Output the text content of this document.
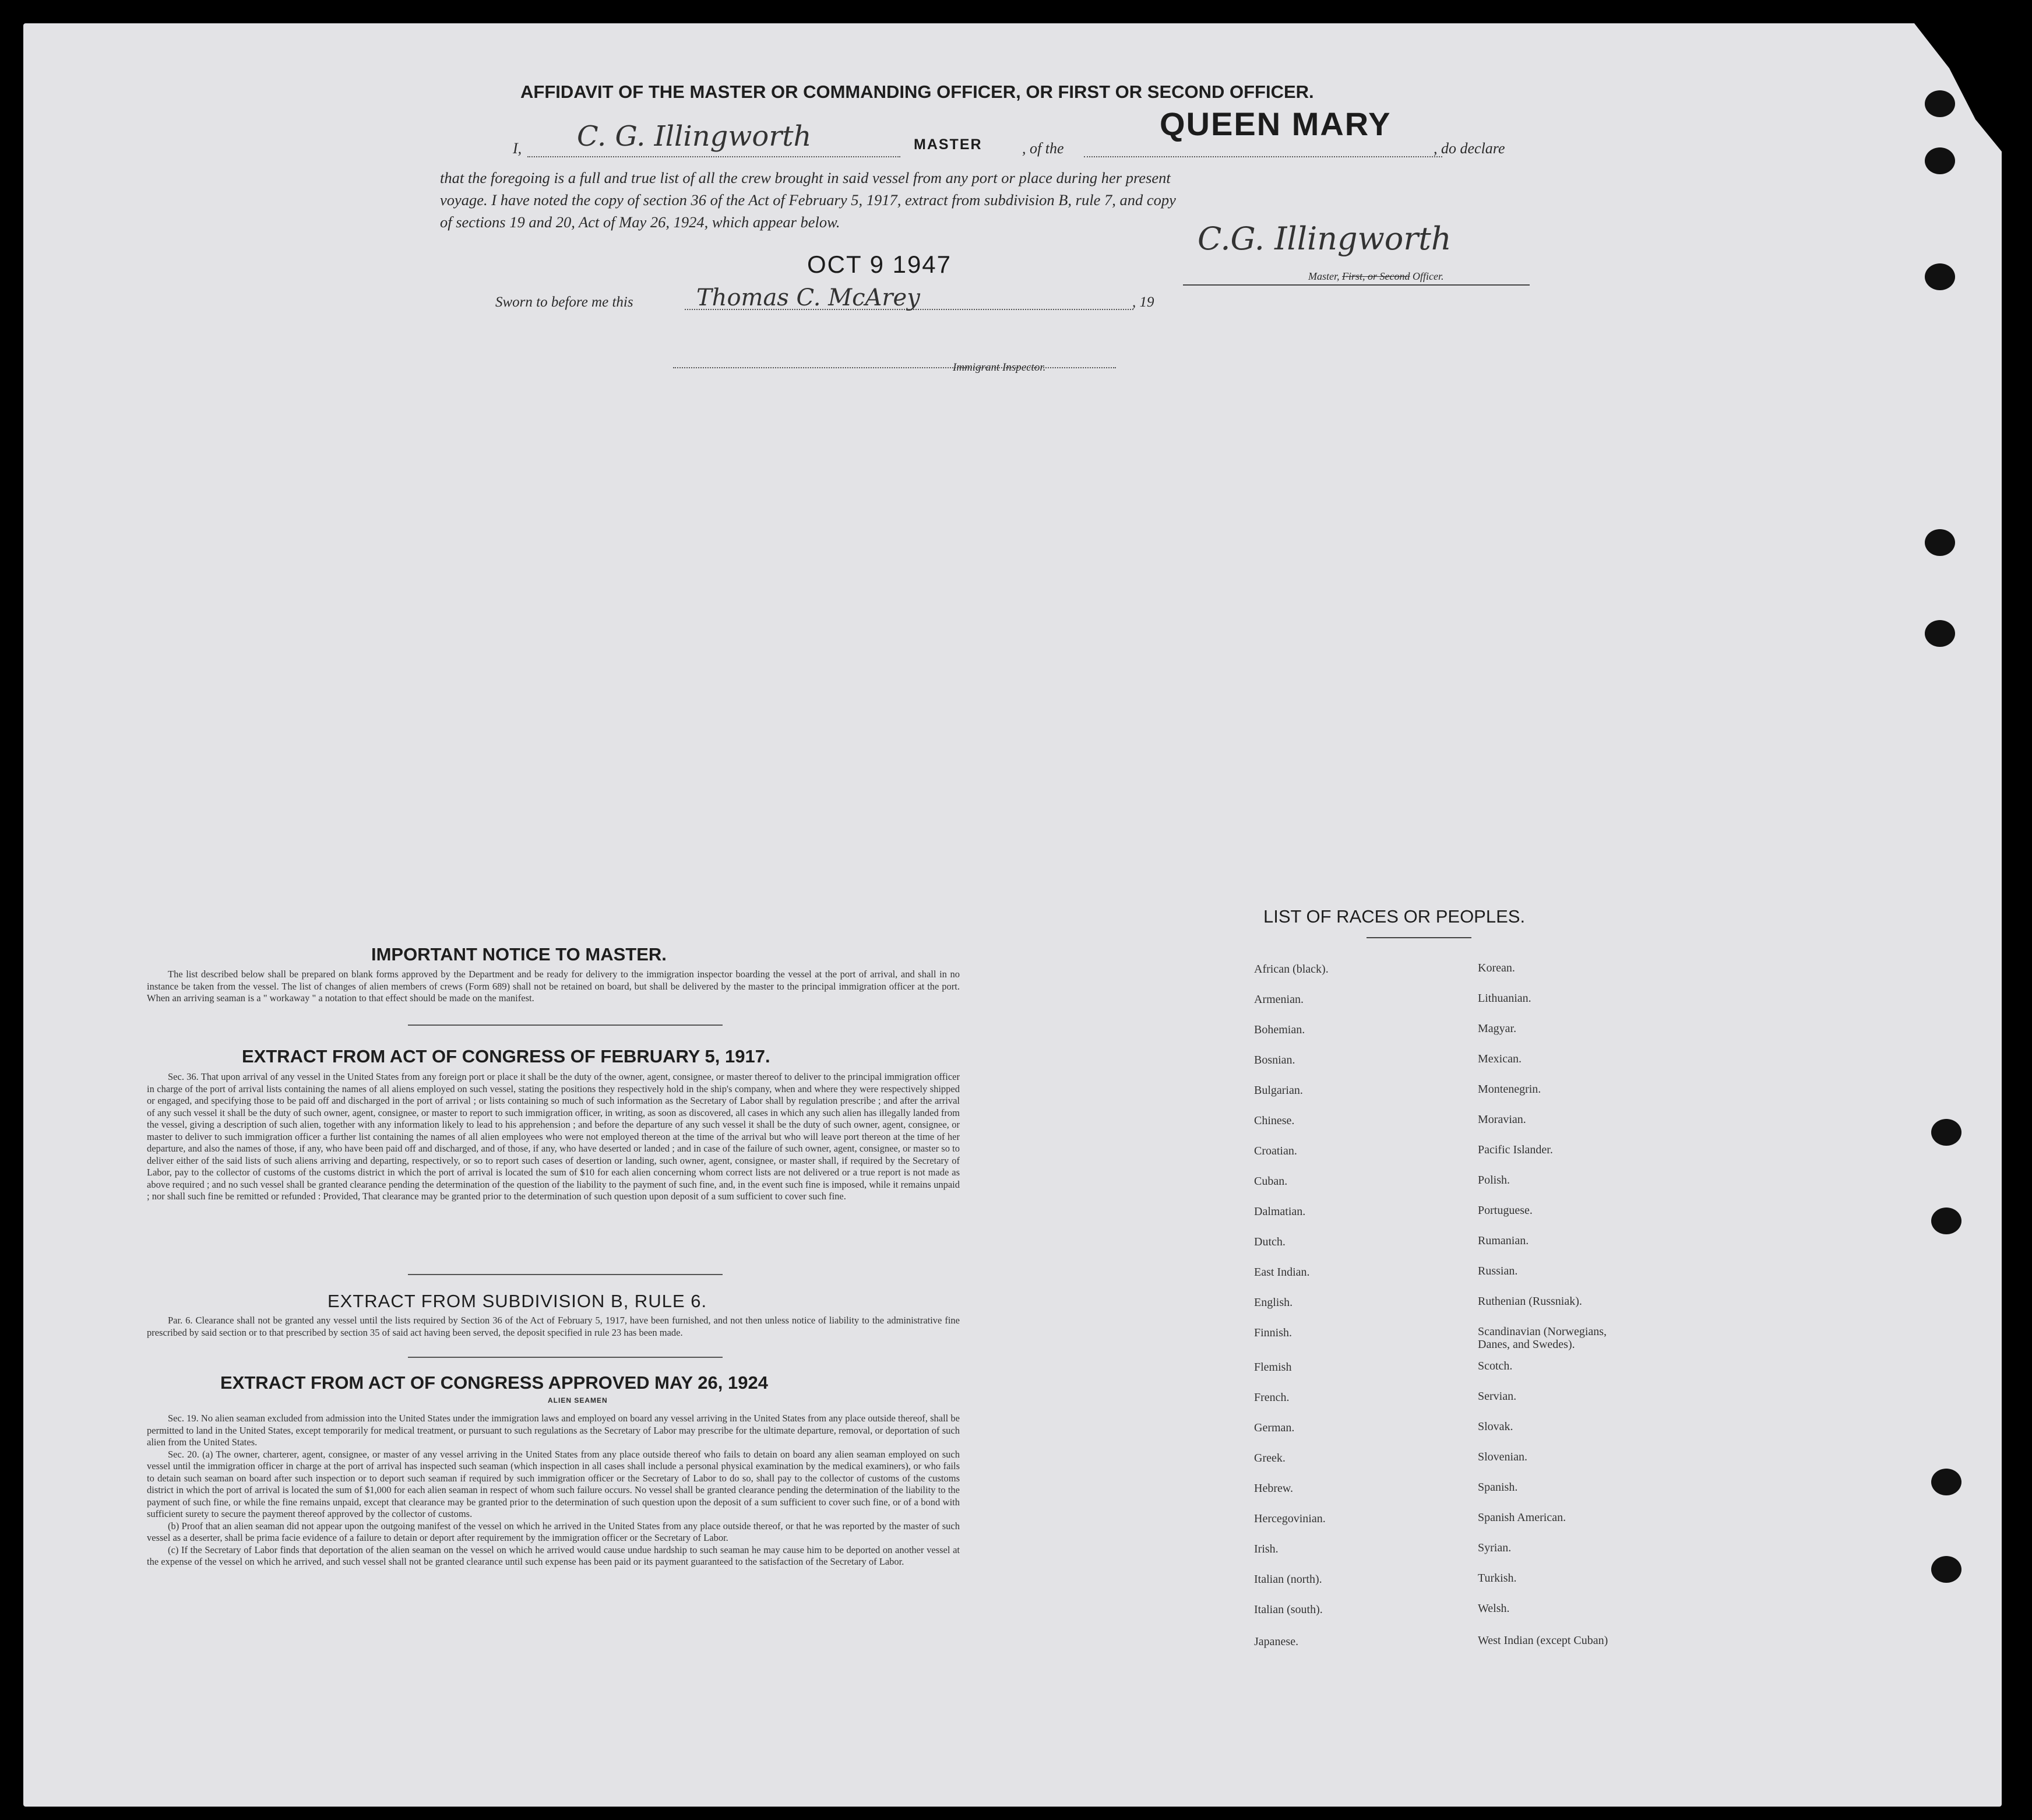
AFFIDAVIT OF THE MASTER OR COMMANDING OFFICER, OR FIRST OR SECOND OFFICER.
I, C. G. Illingworth	MASTER	, of the
QUEEN MARY
, do declare
that the foregoing is a full and true list of all the crew brought in said vessel from any port or place during her present
voyage. I have noted the copy of section 36 of the Act of February 5, 1917, extract from subdivision B, rule 7, and copy
of sections 19 and 20, Act of May 26, 1924, which appear below.	C.G. Illingworth
Master, First, or Second Officer.
OCT 9 1947
Sworn to before me this	Thomas C. McArey	, 19
Immigrant Inspector.
IMPORTANT NOTICE TO MASTER.

The list described below shall be prepared on blank forms approved by the Department and be ready for delivery to the immigration inspector boarding the vessel at the port of arrival, and shall in no instance be taken from the vessel. The list of changes of alien members of crews (Form 689) shall not be retained on board, but shall be delivered by the master to the principal immigration officer at the port. When an arriving seaman is a " workaway " a notation to that effect should be made on the manifest.

EXTRACT FROM ACT OF CONGRESS OF FEBRUARY 5, 1917.

Sec. 36. That upon arrival of any vessel in the United States from any foreign port or place it shall be the duty of the owner, agent, consignee, or master thereof to deliver to the principal immigration officer in charge of the port of arrival lists containing the names of all aliens employed on such vessel, stating the positions they respectively hold in the ship's company, when and where they were respectively shipped or engaged, and specifying those to be paid off and discharged in the port of arrival ; or lists containing so much of such information as the Secretary of Labor shall by regulation prescribe ; and after the arrival of any such vessel it shall be the duty of such owner, agent, consignee, or master to report to such immigration officer, in writing, as soon as discovered, all cases in which any such alien has illegally landed from the vessel, giving a description of such alien, together with any information likely to lead to his apprehension ; and before the departure of any such vessel it shall be the duty of such owner, agent, consignee, or master to deliver to such immigration officer a further list containing the names of all alien employees who were not employed thereon at the time of the arrival but who will leave port thereon at the time of her departure, and also the names of those, if any, who have been paid off and discharged, and of those, if any, who have deserted or landed ; and in case of the failure of such owner, agent, consignee, or master so to deliver either of the said lists of such aliens arriving and departing, respectively, or so to report such cases of desertion or landing, such owner, agent, consignee, or master shall, if required by the Secretary of Labor, pay to the collector of customs of the customs district in which the port of arrival is located the sum of $10 for each alien concerning whom correct lists are not delivered or a true report is not made as above required ; and no such vessel shall be granted clearance pending the determination of the question of the liability to the payment of such fine, and, in the event such fine is imposed, while it remains unpaid ; nor shall such fine be remitted or refunded : Provided, That clearance may be granted prior to the determination of such question upon deposit of a sum sufficient to cover such fine.

EXTRACT FROM SUBDIVISION B, RULE 6.

Par. 6. Clearance shall not be granted any vessel until the lists required by Section 36 of the Act of February 5, 1917, have been furnished, and not then unless notice of liability to the administrative fine prescribed by said section or to that prescribed by section 35 of said act having been served, the deposit specified in rule 23 has been made.

EXTRACT FROM ACT OF CONGRESS APPROVED MAY 26, 1924
ALIEN SEAMEN

Sec. 19. No alien seaman excluded from admission into the United States under the immigration laws and employed on board any vessel arriving in the United States from any place outside thereof, shall be permitted to land in the United States, except temporarily for medical treatment, or pursuant to such regulations as the Secretary of Labor may prescribe for the ultimate departure, removal, or deportation of such alien from the United States.

Sec. 20. (a) The owner, charterer, agent, consignee, or master of any vessel arriving in the United States from any place outside thereof who fails to detain on board any alien seaman employed on such vessel until the immigration officer in charge at the port of arrival has inspected such seaman (which inspection in all cases shall include a personal physical examination by the medical examiners), or who fails to detain such seaman on board after such inspection or to deport such seaman if required by such immigration officer or the Secretary of Labor to do so, shall pay to the collector of customs of the customs district in which the port of arrival is located the sum of $1,000 for each alien seaman in respect of whom such failure occurs. No vessel shall be granted clearance pending the determination of the liability to the payment of such fine, or while the fine remains unpaid, except that clearance may be granted prior to the determination of such question upon the deposit of a sum sufficient to cover such fine, or of a bond with sufficient surety to secure the payment thereof approved by the collector of customs.

(b) Proof that an alien seaman did not appear upon the outgoing manifest of the vessel on which he arrived in the United States from any place outside thereof, or that he was reported by the master of such vessel as a deserter, shall be prima facie evidence of a failure to detain or deport after requirement by the immigration officer or the Secretary of Labor.

(c) If the Secretary of Labor finds that deportation of the alien seaman on the vessel on which he arrived would cause undue hardship to such seaman he may cause him to be deported on another vessel at the expense of the vessel on which he arrived, and such vessel shall not be granted clearance until such expense has been paid or its payment guaranteed to the satisfaction of the Secretary of Labor.

LIST OF RACES OR PEOPLES.
African (black).
Armenian.
Bohemian.
Bosnian.
Bulgarian.
Chinese.
Croatian.
Cuban.
Dalmatian.
Dutch.
East Indian.
English.
Finnish.
Flemish
French.
German.
Greek.
Hebrew.
Hercegovinian.
Irish.
Italian (north).
Italian (south).
Japanese.
Korean.
Lithuanian.
Magyar.
Mexican.
Montenegrin.
Moravian.
Pacific Islander.
Polish.
Portuguese.
Rumanian.
Russian.
Ruthenian (Russniak).
Scandinavian (Norwegians,
Danes, and Swedes).
Scotch.
Servian.
Slovak.
Slovenian.
Spanish.
Spanish American.
Syrian.
Turkish.
Welsh.
West Indian (except Cuban)
